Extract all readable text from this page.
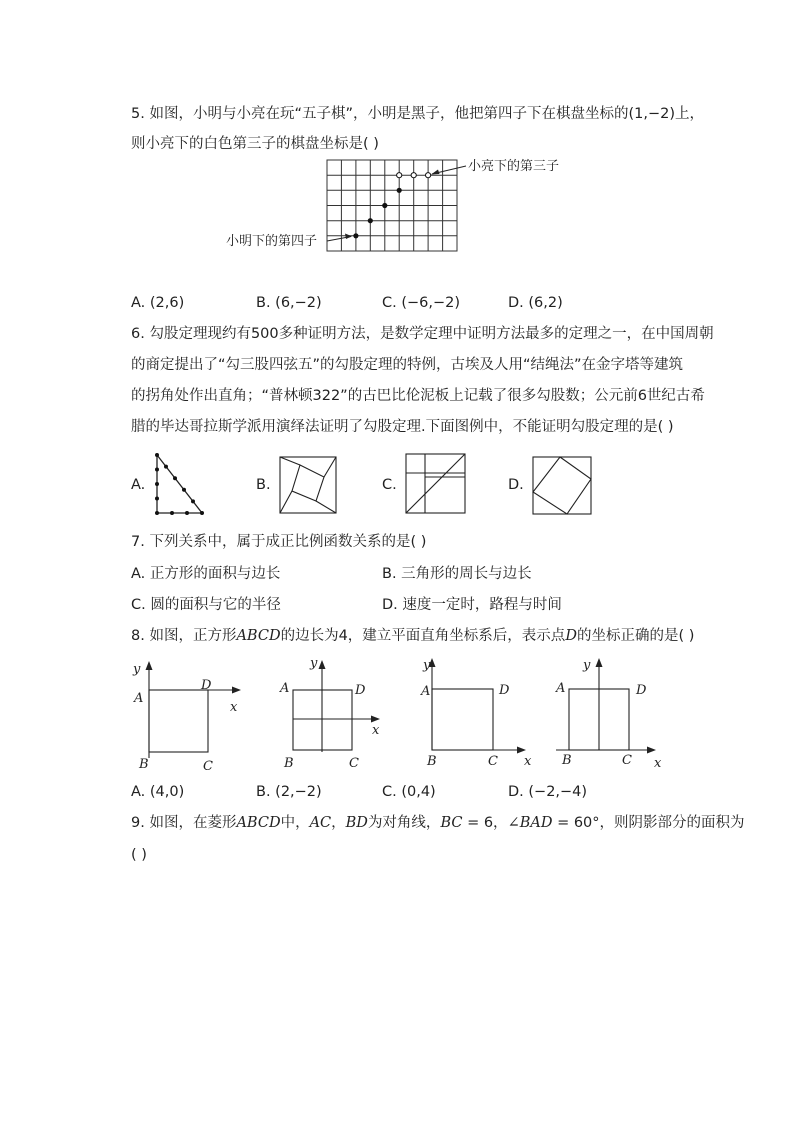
5. 如图，小明与小亮在玩“五子棋”，小明是黑子，他把第四子下在棋盘坐标的(1,−2)上，
则小亮下的白色第三子的棋盘坐标是( )
小亮下的第三子
小明下的第四子
A. (2,6)	B. (6,−2)	C. (−6,−2)	D. (6,2)
6. 勾股定理现约有500多种证明方法，是数学定理中证明方法最多的定理之一，在中国周朝
的商定提出了“勾三股四弦五”的勾股定理的特例，古埃及人用“结绳法”在金字塔等建筑
的拐角处作出直角；“普林顿322”的古巴比伦泥板上记载了很多勾股数；公元前6世纪古希
腊的毕达哥拉斯学派用演绎法证明了勾股定理.下面图例中，不能证明勾股定理的是( )
A.	B.	C.	D.
7. 下列关系中，属于成正比例函数关系的是( )
A. 正方形的面积与边长	B. 三角形的周长与边长
C. 圆的面积与它的半径	D. 速度一定时，路程与时间
8. 如图，正方形ABCD的边长为4，建立平面直角坐标系后，表示点D的坐标正确的是( )
y
x
A
D
B	C
y
x
A	D
B	C
y
x
A	D
B	C
y
x
A	D
B	C
A. (4,0)	B. (2,−2)	C. (0,4)	D. (−2,−4)
9. 如图，在菱形ABCD中，AC，BD为对角线，BC = 6，∠BAD = 60°，则阴影部分的面积为
( )
